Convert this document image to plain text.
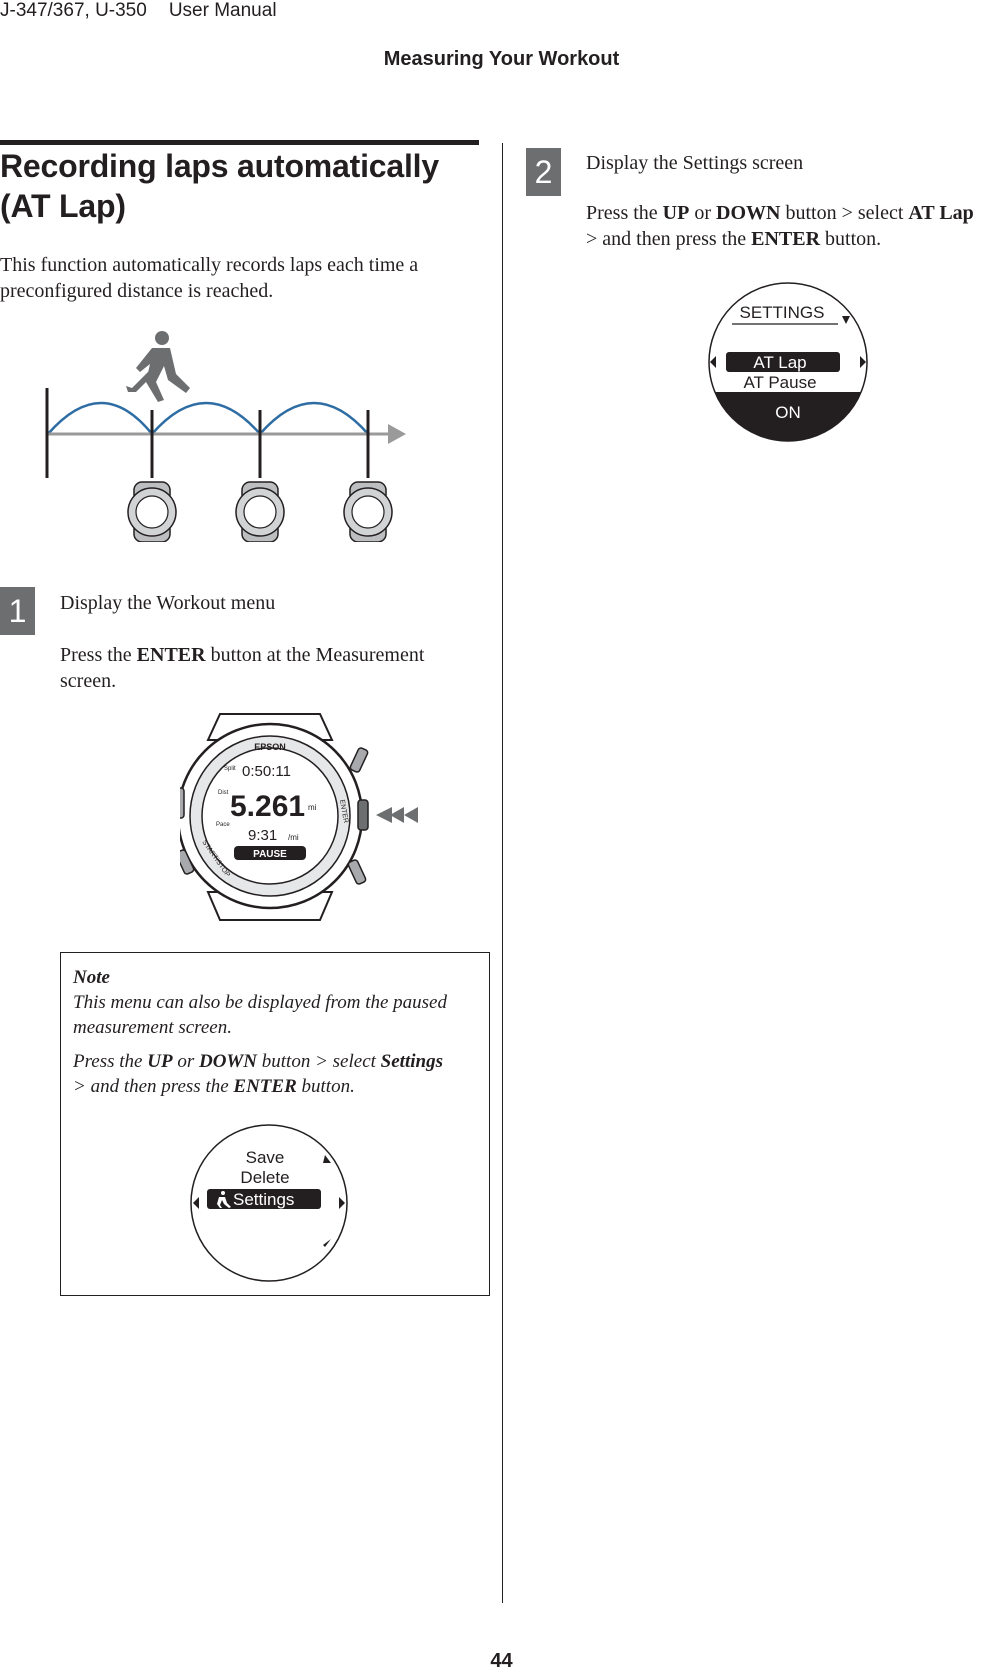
J-347/367, U-350 User Manual
Measuring Your Workout
Recording laps automatically
(AT Lap)
This function automatically records laps each time a
preconfigured distance is reached.
1	Display the Workout menu
Press the ENTER button at the Measurement
screen.
EPSON
Split 0:50:11
Dist 5.261 mi
Pace
9:31 /mi
PAUSE
ENTER
START/STOP
Note
This menu can also be displayed from the paused
measurement screen.
Press the UP or DOWN button > select Settings
> and then press the ENTER button.
Save
Delete
Settings
2	Display the Settings screen
Press the UP or DOWN button > select AT Lap
> and then press the ENTER button.
SETTINGS
AT Lap
AT Pause
ON
44
